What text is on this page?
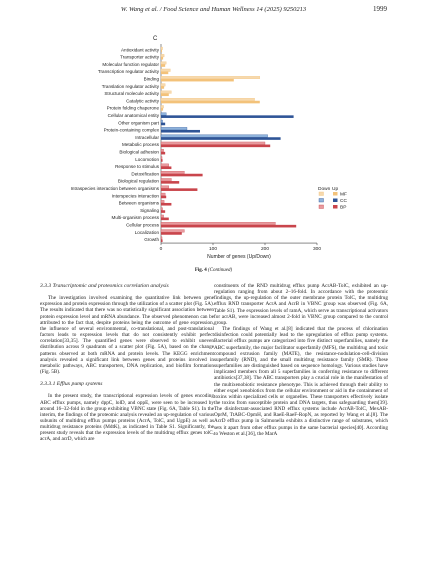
W. Wang et al. / Food Science and Human Wellness 14 (2025) 9250213	1999
C
Antioxidant activity
Transporter activity
Molecular function regulator
Transcription regulator activity
Binding
Translation regulator activity
Structural molecule activity
Catalytic activity
Protein folding chaperone
Cellular anatomical entity
Other organism part
Protein-containing complex
Intracellular
Metabolic process
Biological adhesion
Locomotion
Response to stimulus
Detoxification
Biological regulation
Intraspecies interaction between organisms
Interspecies interaction
Between organisms
Signaling
Multi-organism process
Cellular process
Localization
Growth
0	100	200	300
Number of genes (Up/Down)
Down Up
MF
CC
BP
Fig. 4 (Continued)
3.3.3 Transcriptomic and proteomics correlation analysis

The investigation involved examining the quantitative link between gene expression and protein expression through the utilization of a scatter plot (Fig. 5A). The results indicated that there was no statistically significant association between protein expression level and mRNA abundance. The observed phenomenon can be attributed to the fact that, despite proteins being the outcome of gene expression, the influence of several environmental, co-translational, and post-translational factors leads to expression levels that do not consistently exhibit perfect correlation[33,35]. The quantified genes were observed to exhibit uneven distribution across 9 quadrants of a scatter plot (Fig. 5A), based on the change patterns observed at both mRNA and protein levels. The KEGG enrichment analysis revealed a significant link between genes and proteins involved in metabolic pathways, ABC transporters, DNA replication, and biofilm formation (Fig. 5B).

3.3.3.1 Efflux pump systems

In the present study, the transcriptional expression levels of genes encoding ABC efflux pumps, namely dppC, lolD, and oppE, were seen to be increased by around 16–32-fold in the group exhibiting VBNC state (Fig. 6A, Table S1). In the interim, the findings of the proteomic analysis revealed an up-regulation of various subunits of multidrug efflux pumps proteins (AcrA, TolC, and UgpE) as well as multidrug resistance proteins (MdtK), as indicated in Table S1. Significantly, the present study reveals that the expression levels of the multidrug efflux genes tolC, acrA, and acrD, which are

constituents of the RND multidrug efflux pump AcrAB-TolC, exhibited an up-regulation ranging from about 2–16-fold. In accordance with the proteomic findings, the up-regulation of the outer membrane protein TolC, the multidrug efflux RND transporter AcrA and AcrB in VBNC group was observed (Fig. 6A, Table S1). The expression levels of ramA, which serve as transcriptional activators for acrAB, were increased almost 2-fold in VBNC group compared to the control group.

The findings of Wang et al.[8] indicated that the process of chlorination disinfection could potentially lead to the upregulation of efflux pump systems. Bacterial efflux pumps are categorized into five distinct superfamilies, namely the ABC superfamily, the major facilitator superfamily (MFS), the multidrug and toxic compound extrusion family (MATE), the resistance-nodulation-cell-division superfamily (RND), and the small multidrug resistance family (SMR). These superfamilies are distinguished based on sequence homology. Various studies have implicated members from all 5 superfamilies in conferring resistance to different antibiotics[37,38]. The ABC transporters play a crucial role in the manifestation of the multixenobiotic resistance phenotype. This is achieved through their ability to either expel xenobiotics from the cellular environment or aid in the containment of toxins within specialized cells or organelles. These transporters effectively isolate the toxins from susceptible protein and DNA targets, thus safeguarding them[39]. The disinfectant-associated RND efflux systems include AcrAB-TolC, MexAB-OprM, TtABC-OpmH, and RaeE-RaeF-RopN, as reported by Wang et al.[8]. The AcrD efflux pump in Salmonella exhibits a distinctive range of substrates, which sets it apart from other efflux pumps in the same bacterial species[40]. According to Weston et al.[36], the MarA
